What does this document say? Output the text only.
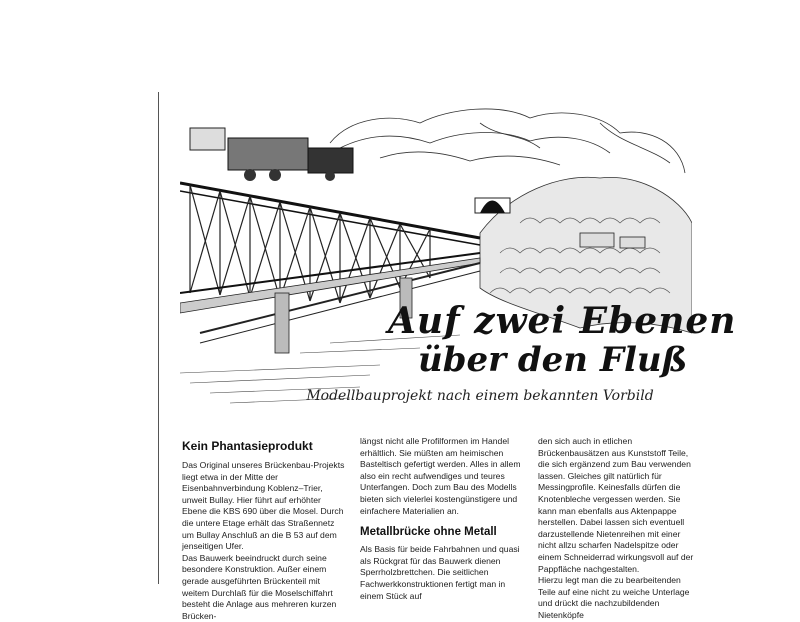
Auf zwei Ebenen
über den Fluß
Modellbauprojekt nach einem bekannten Vorbild

Kein Phantasieprodukt

Das Original unseres Brückenbau-Projekts liegt etwa in der Mitte der Eisenbahnverbindung Koblenz–Trier, unweit Bullay. Hier führt auf erhöhter Ebene die KBS 690 über die Mosel. Durch die untere Etage erhält das Straßennetz um Bullay Anschluß an die B 53 auf dem jenseitigen Ufer.

Das Bauwerk beeindruckt durch seine besondere Konstruktion. Außer einem gerade ausgeführten Brückenteil mit weitem Durchlaß für die Moselschiffahrt besteht die Anlage aus mehreren kurzen Brücken-

längst nicht alle Profilformen im Handel erhältlich. Sie müßten am heimischen Basteltisch gefertigt werden. Alles in allem also ein recht aufwendiges und teures Unterfangen. Doch zum Bau des Modells bieten sich vielerlei kostengünstigere und einfachere Materialien an.

Metallbrücke ohne Metall

Als Basis für beide Fahrbahnen und quasi als Rückgrat für das Bauwerk dienen Sperrholzbrettchen. Die seitlichen Fachwerkkonstruktionen fertigt man in einem Stück auf

den sich auch in etlichen Brückenbausätzen aus Kunststoff Teile, die sich ergänzend zum Bau verwenden lassen. Gleiches gilt natürlich für Messingprofile. Keinesfalls dürfen die Knotenbleche vergessen werden. Sie kann man ebenfalls aus Aktenpappe herstellen. Dabei lassen sich eventuell darzustellende Nietenreihen mit einer nicht allzu scharfen Nadelspitze oder einem Schneiderrad wirkungsvoll auf der Pappfläche nachgestalten.

Hierzu legt man die zu bearbeitenden Teile auf eine nicht zu weiche Unterlage und drückt die nachzubildenden Nietenköpfe
